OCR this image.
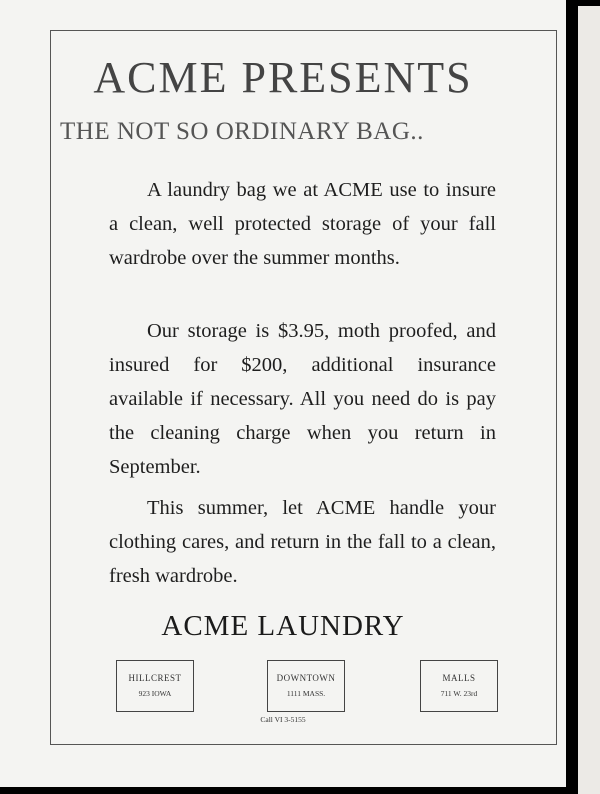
ACME PRESENTS
THE NOT SO ORDINARY BAG..

A laundry bag we at ACME use to insure a clean, well protected storage of your fall wardrobe over the summer months.

Our storage is $3.95, moth proofed, and insured for $200, additional insurance available if necessary. All you need do is pay the cleaning charge when you return in September.

This summer, let ACME handle your clothing cares, and return in the fall to a clean, fresh wardrobe.

ACME LAUNDRY
HILLCREST
923 IOWA
DOWNTOWN
1111 MASS.
MALLS
711 W. 23rd
Call VI 3-5155
